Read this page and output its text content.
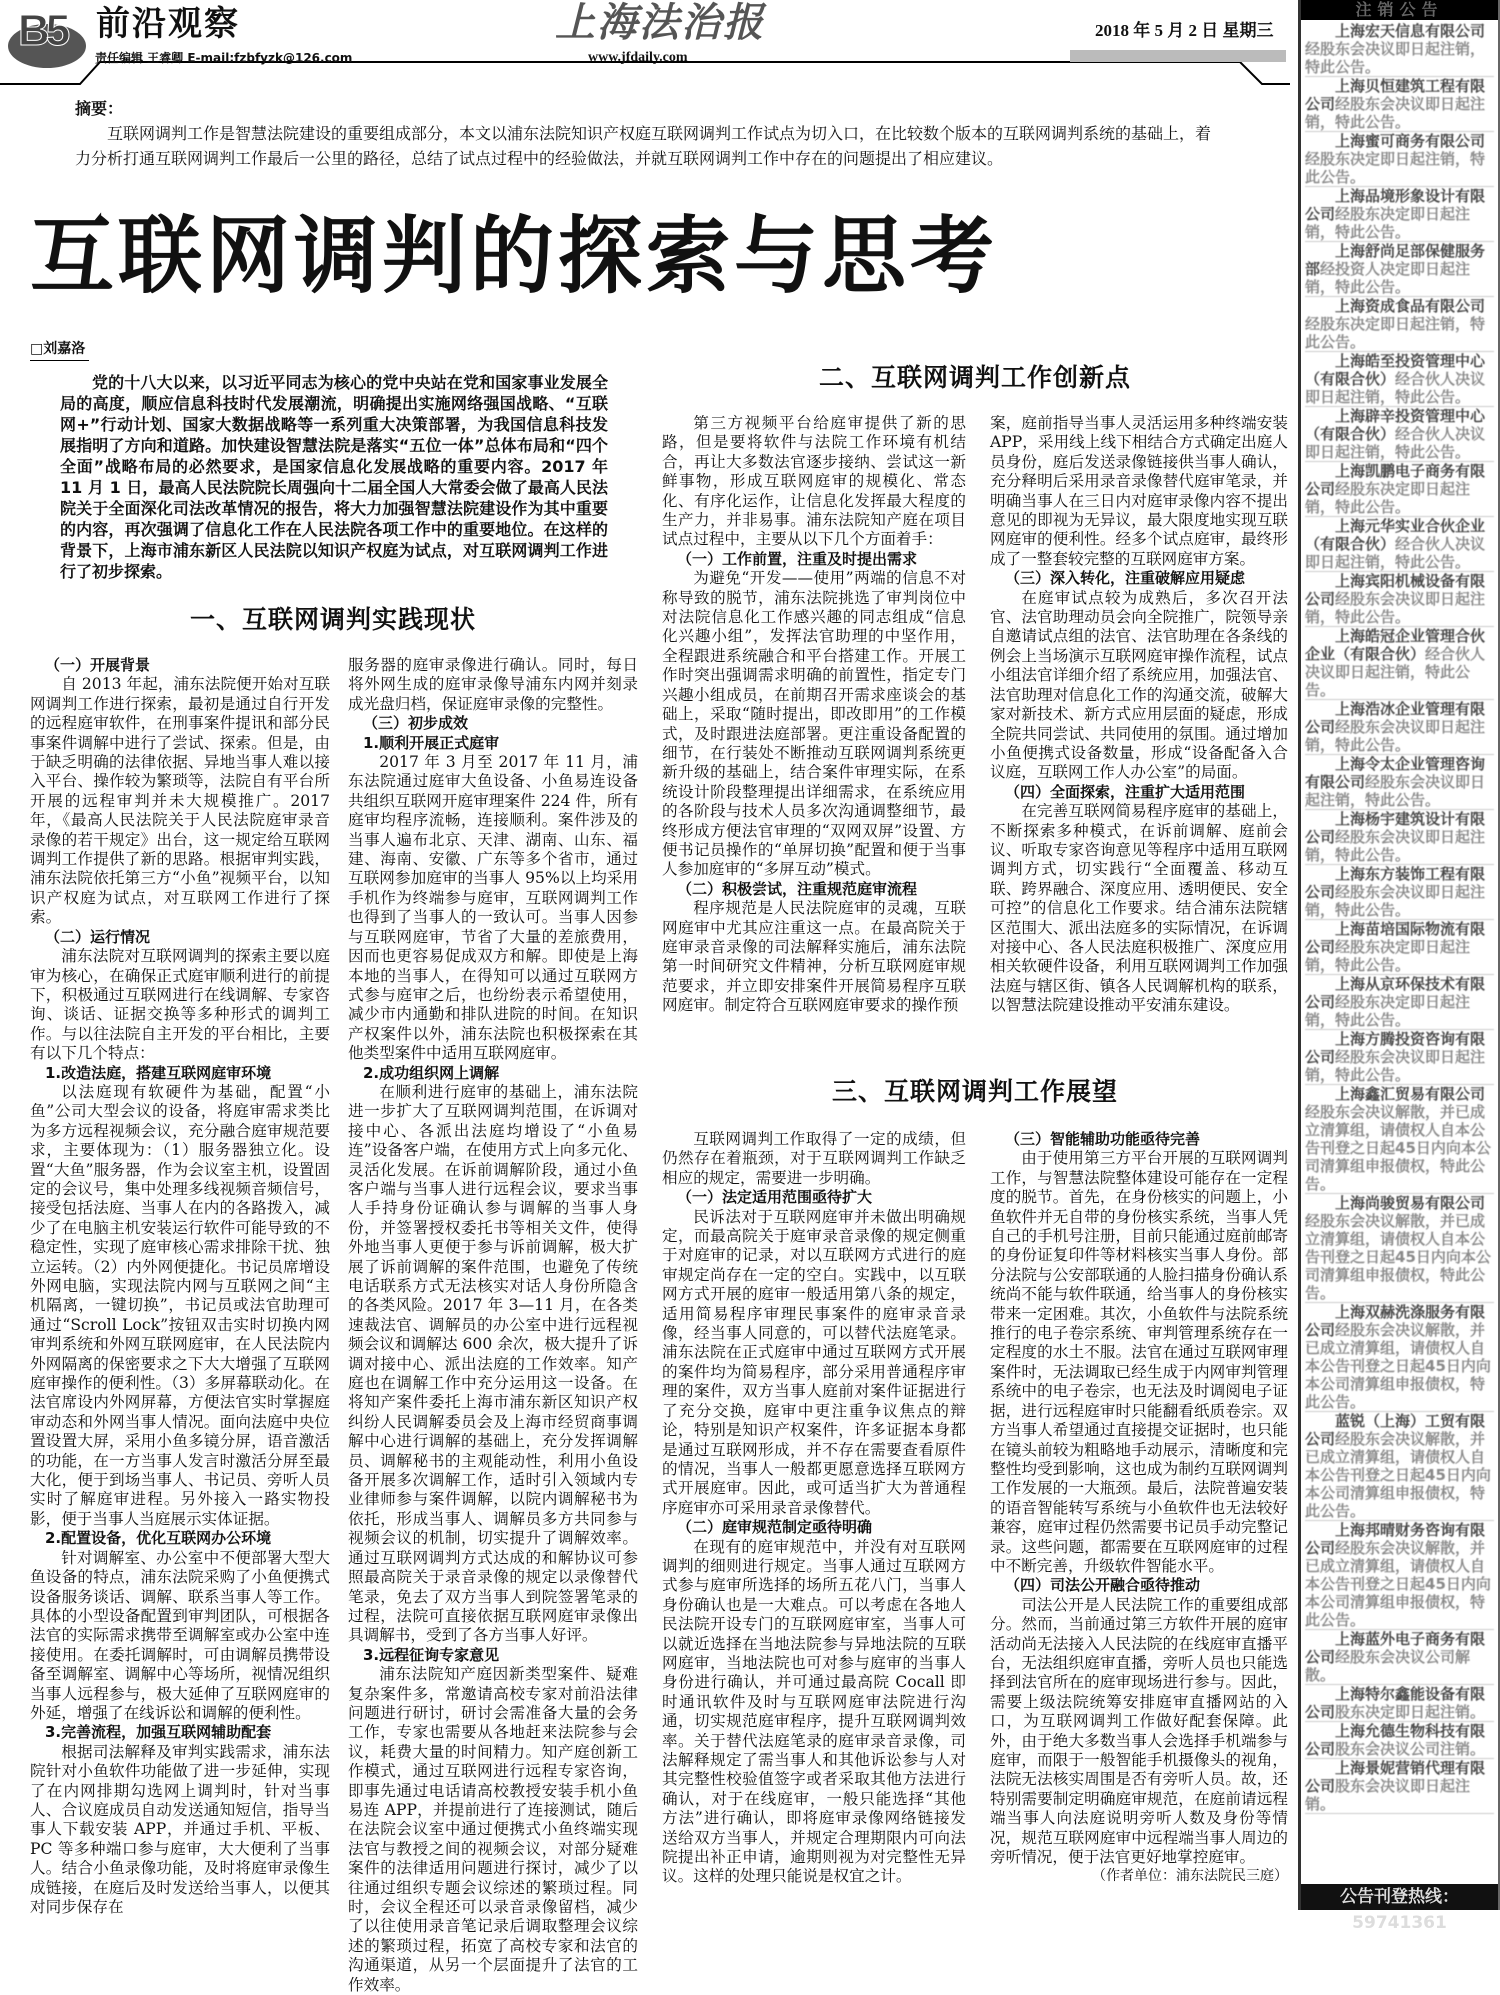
B5 前沿观察	上海法治报	2018 年 5 月 2 日 星期三
责任编辑 王睿卿 E-mail:fzbfyzk@126.com	www.jfdaily.com
摘要：

互联网调判工作是智慧法院建设的重要组成部分，本文以浦东法院知识产权庭互联网调判工作试点为切入口，在比较数个版本的互联网调判系统的基础上，着力分析打通互联网调判工作最后一公里的路径，总结了试点过程中的经验做法，并就互联网调判工作中存在的问题提出了相应建议。

互联网调判的探索与思考
□刘嘉洛
党的十八大以来，以习近平同志为核心的党中央站在党和国家事业发展全局的高度，顺应信息科技时代发展潮流，明确提出实施网络强国战略、“互联网+”行动计划、国家大数据战略等一系列重大决策部署，为我国信息科技发展指明了方向和道路。加快建设智慧法院是落实“五位一体”总体布局和“四个全面”战略布局的必然要求，是国家信息化发展战略的重要内容。2017 年 11 月 1 日，最高人民法院院长周强向十二届全国人大常委会做了最高人民法院关于全面深化司法改革情况的报告，将大力加强智慧法院建设作为其中重要的内容，再次强调了信息化工作在人民法院各项工作中的重要地位。在这样的背景下，上海市浦东新区人民法院以知识产权庭为试点，对互联网调判工作进行了初步探索。
一、互联网调判实践现状
二、互联网调判工作创新点
三、互联网调判工作展望
（一）开展背景

自 2013 年起，浦东法院便开始对互联网调判工作进行探索，最初是通过自行开发的远程庭审软件，在刑事案件提讯和部分民事案件调解中进行了尝试、探索。但是，由于缺乏明确的法律依据、异地当事人难以接入平台、操作较为繁琐等，法院自有平台所开展的远程审判并未大规模推广。2017 年，《最高人民法院关于人民法院庭审录音录像的若干规定》出台，这一规定给互联网调判工作提供了新的思路。根据审判实践，浦东法院依托第三方“小鱼”视频平台，以知识产权庭为试点，对互联网工作进行了探索。

（二）运行情况

浦东法院对互联网调判的探索主要以庭审为核心，在确保正式庭审顺利进行的前提下，积极通过互联网进行在线调解、专家咨询、谈话、证据交换等多种形式的调判工作。与以往法院自主开发的平台相比，主要有以下几个特点：

1.改造法庭，搭建互联网庭审环境

以法庭现有软硬件为基础，配置“小鱼”公司大型会议的设备，将庭审需求类比为多方远程视频会议，充分融合庭审规范要求，主要体现为：（1）服务器独立化。设置“大鱼”服务器，作为会议室主机，设置固定的会议号，集中处理多线视频音频信号，接受包括法庭、当事人在内的各路拨入，减少了在电脑主机安装运行软件可能导致的不稳定性，实现了庭审核心需求排除干扰、独立运转。（2）内外网便捷化。书记员席增设外网电脑，实现法院内网与互联网之间“主机隔离，一键切换”，书记员或法官助理可通过“Scroll Lock”按钮双击实时切换内网审判系统和外网互联网庭审，在人民法院内外网隔离的保密要求之下大大增强了互联网庭审操作的便利性。（3）多屏幕联动化。在法官席设内外网屏幕，方便法官实时掌握庭审动态和外网当事人情况。面向法庭中央位置设置大屏，采用小鱼多镜分屏，语音激活的功能，在一方当事人发言时激活分屏至最大化，便于到场当事人、书记员、旁听人员实时了解庭审进程。另外接入一路实物投影，便于当事人当庭展示实体证据。

2.配置设备，优化互联网办公环境

针对调解室、办公室中不便部署大型大鱼设备的特点，浦东法院采购了小鱼便携式设备服务谈话、调解、联系当事人等工作。具体的小型设备配置到审判团队，可根据各法官的实际需求携带至调解室或办公室中连接使用。在委托调解时，可由调解员携带设备至调解室、调解中心等场所，视情况组织当事人远程参与，极大延伸了互联网庭审的外延，增强了在线诉讼和调解的便利性。

3.完善流程，加强互联网辅助配套

根据司法解释及审判实践需求，浦东法院针对小鱼软件功能做了进一步延伸，实现了在内网排期勾选网上调判时，针对当事人、合议庭成员自动发送通知短信，指导当事人下载安装 APP，并通过手机、平板、PC 等多种端口参与庭审，大大便利了当事人。结合小鱼录像功能，及时将庭审录像生成链接，在庭后及时发送给当事人，以便其对同步保存在

服务器的庭审录像进行确认。同时，每日将外网生成的庭审录像导浦东内网并刻录成光盘归档，保证庭审录像的完整性。

（三）初步成效
1.顺利开展正式庭审

2017 年 3 月至 2017 年 11 月，浦东法院通过庭审大鱼设备、小鱼易连设备共组织互联网开庭审理案件 224 件，所有庭审均程序流畅，连接顺利。案件涉及的当事人遍布北京、天津、湖南、山东、福建、海南、安徽、广东等多个省市，通过互联网参加庭审的当事人 95%以上均采用手机作为终端参与庭审，互联网调判工作也得到了当事人的一致认可。当事人因参与互联网庭审，节省了大量的差旅费用，因而也更容易促成双方和解。即使是上海本地的当事人，在得知可以通过互联网方式参与庭审之后，也纷纷表示希望使用，减少市内通勤和排队进院的时间。在知识产权案件以外，浦东法院也积极探索在其他类型案件中适用互联网庭审。

2.成功组织网上调解

在顺利进行庭审的基础上，浦东法院进一步扩大了互联网调判范围，在诉调对接中心、各派出法庭均增设了“小鱼易连”设备客户端，在使用方式上向多元化、灵活化发展。在诉前调解阶段，通过小鱼客户端与当事人进行远程会议，要求当事人手持身份证确认参与调解的当事人身份，并签署授权委托书等相关文件，使得外地当事人更便于参与诉前调解，极大扩展了诉前调解的案件范围，也避免了传统电话联系方式无法核实对话人身份所隐含的各类风险。2017 年 3—11 月，在各类速裁法官、调解员的办公室中进行远程视频会议和调解达 600 余次，极大提升了诉调对接中心、派出法庭的工作效率。知产庭也在调解工作中充分运用这一设备。在将知产案件委托上海市浦东新区知识产权纠纷人民调解委员会及上海市经贸商事调解中心进行调解的基础上，充分发挥调解员、调解秘书的主观能动性，利用小鱼设备开展多次调解工作，适时引入领域内专业律师参与案件调解，以院内调解秘书为依托，形成当事人、调解员多方共同参与视频会议的机制，切实提升了调解效率。通过互联网调判方式达成的和解协议可参照最高院关于录音录像的规定以录像替代笔录，免去了双方当事人到院签署笔录的过程，法院可直接依据互联网庭审录像出具调解书，受到了各方当事人好评。

3.远程征询专家意见

浦东法院知产庭因新类型案件、疑难复杂案件多，常邀请高校专家对前沿法律问题进行研讨，研讨会需准备大量的会务工作，专家也需要从各地赶来法院参与会议，耗费大量的时间精力。知产庭创新工作模式，通过互联网进行远程专家咨询，即事先通过电话请高校教授安装手机小鱼易连 APP，并提前进行了连接测试，随后在法院会议室中通过便携式小鱼终端实现法官与教授之间的视频会议，对部分疑难案件的法律适用问题进行探讨，减少了以往通过组织专题会议综述的繁琐过程。同时，会议全程还可以录音录像留档，减少了以往使用录音笔记录后调取整理会议综述的繁琐过程，拓宽了高校专家和法官的沟通渠道，从另一个层面提升了法官的工作效率。

第三方视频平台给庭审提供了新的思路，但是要将软件与法院工作环境有机结合，再让大多数法官逐步接纳、尝试这一新鲜事物，形成互联网庭审的规模化、常态化、有序化运作，让信息化发挥最大程度的生产力，并非易事。浦东法院知产庭在项目试点过程中，主要从以下几个方面着手：

（一）工作前置，注重及时提出需求

为避免“开发——使用”两端的信息不对称导致的脱节，浦东法院挑选了审判岗位中对法院信息化工作感兴趣的同志组成“信息化兴趣小组”，发挥法官助理的中坚作用，全程跟进系统融合和平台搭建工作。开展工作时突出强调需求明确的前置性，指定专门兴趣小组成员，在前期召开需求座谈会的基础上，采取“随时提出，即改即用”的工作模式，及时跟进法庭部署。更注重设备配置的细节，在行装处不断推动互联网调判系统更新升级的基础上，结合案件审理实际，在系统设计阶段整理提出详细需求，在系统应用的各阶段与技术人员多次沟通调整细节，最终形成方便法官审理的“双网双屏”设置、方便书记员操作的“单屏切换”配置和便于当事人参加庭审的“多屏互动”模式。

（二）积极尝试，注重规范庭审流程

程序规范是人民法院庭审的灵魂，互联网庭审中尤其应注重这一点。在最高院关于庭审录音录像的司法解释实施后，浦东法院第一时间研究文件精神，分析互联网庭审规范要求，并立即安排案件开展简易程序互联网庭审。制定符合互联网庭审要求的操作预

案，庭前指导当事人灵活运用多种终端安装 APP，采用线上线下相结合方式确定出庭人员身份，庭后发送录像链接供当事人确认，充分释明后采用录音录像替代庭审笔录，并明确当事人在三日内对庭审录像内容不提出意见的即视为无异议，最大限度地实现互联网庭审的便利性。经多个试点庭审，最终形成了一整套较完整的互联网庭审方案。

（三）深入转化，注重破解应用疑虑

在庭审试点较为成熟后，多次召开法官、法官助理动员会向全院推广，院领导亲自邀请试点组的法官、法官助理在各条线的例会上当场演示互联网庭审操作流程，试点小组法官详细介绍了系统应用，加强法官、法官助理对信息化工作的沟通交流，破解大家对新技术、新方式应用层面的疑虑，形成全院共同尝试、共同使用的氛围。通过增加小鱼便携式设备数量，形成“设备配备入合议庭，互联网工作人办公室”的局面。

（四）全面探索，注重扩大适用范围

在完善互联网简易程序庭审的基础上，不断探索多种模式，在诉前调解、庭前会议、听取专家咨询意见等程序中适用互联网调判方式，切实践行“全面覆盖、移动互联、跨界融合、深度应用、透明便民、安全可控”的信息化工作要求。结合浦东法院辖区范围大、派出法庭多的实际情况，在诉调对接中心、各人民法庭积极推广、深度应用相关软硬件设备，利用互联网调判工作加强法庭与辖区街、镇各人民调解机构的联系，以智慧法院建设推动平安浦东建设。

互联网调判工作取得了一定的成绩，但仍然存在着瓶颈，对于互联网调判工作缺乏相应的规定，需要进一步明确。

（一）法定适用范围亟待扩大

民诉法对于互联网庭审并未做出明确规定，而最高院关于庭审录音录像的规定侧重于对庭审的记录，对以互联网方式进行的庭审规定尚存在一定的空白。实践中，以互联网方式开展的庭审一般适用第八条的规定，适用简易程序审理民事案件的庭审录音录像，经当事人同意的，可以替代法庭笔录。浦东法院在正式庭审中通过互联网方式开展的案件均为简易程序，部分采用普通程序审理的案件，双方当事人庭前对案件证据进行了充分交换，庭审中更注重争议焦点的辩论，特别是知识产权案件，许多证据本身都是通过互联网形成，并不存在需要查看原件的情况，当事人一般都更愿意选择互联网方式开展庭审。因此，或可适当扩大为普通程序庭审亦可采用录音录像替代。

（二）庭审规范制定亟待明确

在现有的庭审规范中，并没有对互联网调判的细则进行规定。当事人通过互联网方式参与庭审所选择的场所五花八门，当事人身份确认也是一大难点。可以考虑在各地人民法院开设专门的互联网庭审室，当事人可以就近选择在当地法院参与异地法院的互联网庭审，当地法院也可对参与庭审的当事人身份进行确认，并可通过最高院 Cocall 即时通讯软件及时与互联网庭审法院进行沟通，切实规范庭审程序，提升互联网调判效率。关于替代法庭笔录的庭审录音录像，司法解释规定了需当事人和其他诉讼参与人对其完整性校验值签字或者采取其他方法进行确认，对于在线庭审，一般只能选择“其他方法”进行确认，即将庭审录像网络链接发送给双方当事人，并规定合理期限内可向法院提出补正申请，逾期则视为对完整性无异议。这样的处理只能说是权宜之计。

（三）智能辅助功能亟待完善

由于使用第三方平台开展的互联网调判工作，与智慧法院整体建设可能存在一定程度的脱节。首先，在身份核实的问题上，小鱼软件并无自带的身份核实系统，当事人凭自己的手机号注册，目前只能通过庭前邮寄的身份证复印件等材料核实当事人身份。部分法院与公安部联通的人脸扫描身份确认系统尚不能与软件联通，给当事人的身份核实带来一定困难。其次，小鱼软件与法院系统推行的电子卷宗系统、审判管理系统存在一定程度的水土不服。法官在通过互联网审理案件时，无法调取已经生成于内网审判管理系统中的电子卷宗，也无法及时调阅电子证据，进行远程庭审时只能翻看纸质卷宗。双方当事人希望通过直接提交证据时，也只能在镜头前较为粗略地手动展示，清晰度和完整性均受到影响，这也成为制约互联网调判工作发展的一大瓶颈。最后，法院普遍安装的语音智能转写系统与小鱼软件也无法较好兼容，庭审过程仍然需要书记员手动完整记录。这些问题，都需要在互联网庭审的过程中不断完善，升级软件智能水平。

（四）司法公开融合亟待推动

司法公开是人民法院工作的重要组成部分。然而，当前通过第三方软件开展的庭审活动尚无法接入人民法院的在线庭审直播平台，无法组织庭审直播，旁听人员也只能选择到法官所在的庭审现场进行参与。因此，需要上级法院统筹安排庭审直播网站的入口，为互联网调判工作做好配套保障。此外，由于绝大多数当事人会选择手机端参与庭审，而限于一般智能手机摄像头的视角，法院无法核实周围是否有旁听人员。故，还特别需要制定明确庭审规范，在庭前请远程端当事人向法庭说明旁听人数及身份等情况，规范互联网庭审中远程端当事人周边的旁听情况，便于法官更好地掌控庭审。

（作者单位：浦东法院民三庭）

注销公告

上海宏天信息有限公司经股东会决议即日起注销，特此公告。

上海贝恒建筑工程有限公司经股东会决议即日起注销，特此公告。

上海蜜可商务有限公司经股东决定即日起注销，特此公告。

上海品境形象设计有限公司经股东决定即日起注销，特此公告。

上海舒尚足部保健服务部经投资人决定即日起注销，特此公告。

上海资成食品有限公司经股东决定即日起注销，特此公告。

上海皓至投资管理中心（有限合伙）经合伙人决议即日起注销，特此公告。

上海辟辛投资管理中心（有限合伙）经合伙人决议即日起注销，特此公告。

上海凯鹏电子商务有限公司经股东决定即日起注销，特此公告。

上海元华实业合伙企业（有限合伙）经合伙人决议即日起注销，特此公告。

上海宾阳机械设备有限公司经股东会决议即日起注销，特此公告。

上海皓冠企业管理合伙企业（有限合伙）经合伙人决议即日起注销，特此公告。

上海浩冰企业管理有限公司经股东会决议即日起注销，特此公告。

上海令太企业管理咨询有限公司经股东会决议即日起注销，特此公告。

上海杨宇建筑设计有限公司经股东会决议即日起注销，特此公告。

上海东方装饰工程有限公司经股东会决议即日起注销，特此公告。

上海苗培国际物流有限公司经股东决定即日起注销，特此公告。

上海从京环保技术有限公司经股东决定即日起注销，特此公告。

上海方腾投资咨询有限公司经股东会决议即日起注销，特此公告。

上海鑫汇贸易有限公司经股东会决议解散，并已成立清算组，请债权人自本公告刊登之日起45日内向本公司清算组申报债权，特此公告。

上海尚骏贸易有限公司经股东会决议解散，并已成立清算组，请债权人自本公告刊登之日起45日内向本公司清算组申报债权，特此公告。

上海双赫洗涤服务有限公司经股东会决议解散，并已成立清算组，请债权人自本公告刊登之日起45日内向本公司清算组申报债权，特此公告。

蓝锐（上海）工贸有限公司经股东会决议解散，并已成立清算组，请债权人自本公告刊登之日起45日内向本公司清算组申报债权，特此公告。

上海邦晴财务咨询有限公司经股东会决议解散，并已成立清算组，请债权人自本公告刊登之日起45日内向本公司清算组申报债权，特此公告。

上海蓝外电子商务有限公司经股东会决议公司解散。

上海特尔鑫能设备有限公司股东决定即日起注销。

上海允德生物科技有限公司股东会决议公司注销。

上海景妮营销代理有限公司股东会决议即日起注销。

公告刊登热线：59741361
